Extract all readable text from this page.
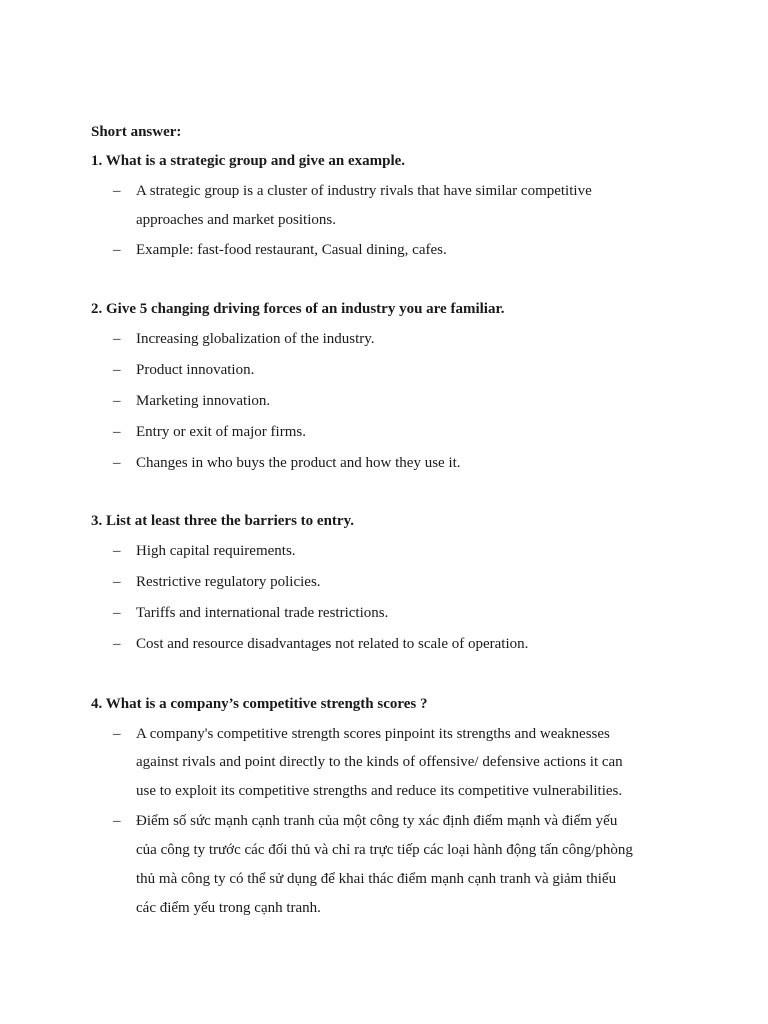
Short answer:
1. What is a strategic group and give an example.
– A strategic group is a cluster of industry rivals that have similar competitive
approaches and market positions.
– Example: fast-food restaurant, Casual dining, cafes.
2. Give 5 changing driving forces of an industry you are familiar.
– Increasing globalization of the industry.
– Product innovation.
– Marketing innovation.
– Entry or exit of major firms.
– Changes in who buys the product and how they use it.
3. List at least three the barriers to entry.
– High capital requirements.
– Restrictive regulatory policies.
– Tariffs and international trade restrictions.
– Cost and resource disadvantages not related to scale of operation.
4. What is a company’s competitive strength scores ?
– A company's competitive strength scores pinpoint its strengths and weaknesses
against rivals and point directly to the kinds of offensive/ defensive actions it can
use to exploit its competitive strengths and reduce its competitive vulnerabilities.
– Điểm số sức mạnh cạnh tranh của một công ty xác định điểm mạnh và điểm yếu
của công ty trước các đối thủ và chỉ ra trực tiếp các loại hành động tấn công/phòng
thủ mà công ty có thể sử dụng để khai thác điểm mạnh cạnh tranh và giảm thiểu
các điểm yếu trong cạnh tranh.
